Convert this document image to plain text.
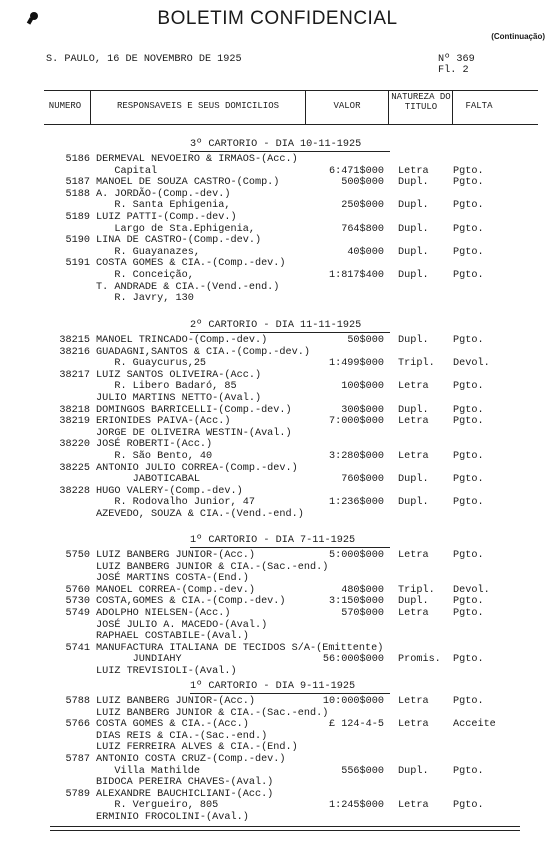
BOLETIM CONFIDENCIAL
(Continuação)
S. PAULO, 16 DE NOVEMBRO DE 1925	Nº 369
Fl. 2
NUMERO	RESPONSAVEIS E SEUS DOMICILIOS	VALOR
NATUREZA DO TITULO	FALTA
3º CARTORIO - DIA 10-11-1925
5186 DERMEVAL NEVOEIRO & IRMAOS-(Acc.)
Capital	6:471$000 Letra Pgto.
5187 MANOEL DE SOUZA CASTRO-(Comp.)	500$000 Dupl. Pgto.
5188 A. JORDÃO-(Comp.-dev.)
R. Santa Ephigenia,	250$000 Dupl. Pgto.
5189 LUIZ PATTI-(Comp.-dev.)
Largo de Sta.Ephigenia,	764$800 Dupl. Pgto.
5190 LINA DE CASTRO-(Comp.-dev.)
R. Guayanazes,	40$000 Dupl. Pgto.
5191 COSTA GOMES & CIA.-(Comp.-dev.)
R. Conceição,	1:817$400 Dupl. Pgto.
T. ANDRADE & CIA.-(Vend.-end.)
R. Javry, 130
2º CARTORIO - DIA 11-11-1925
38215 MANOEL TRINCADO-(Comp.-dev.)	50$000 Dupl. Pgto.
38216 GUADAGNI,SANTOS & CIA.-(Comp.-dev.)
R. Guaycurus,25	1:499$000 Tripl. Devol.
38217 LUIZ SANTOS OLIVEIRA-(Acc.)
R. Libero Badaró, 85	100$000 Letra Pgto.
JULIO MARTINS NETTO-(Aval.)
38218 DOMINGOS BARRICELLI-(Comp.-dev.)	300$000 Dupl. Pgto.
38219 ERIONIDES PAIVA-(Acc.)	7:000$000 Letra Pgto.
JORGE DE OLIVEIRA WESTIN-(Aval.)
38220 JOSÉ ROBERTI-(Acc.)
R. São Bento, 40	3:280$000 Letra Pgto.
38225 ANTONIO JULIO CORREA-(Comp.-dev.)
JABOTICABAL	760$000 Dupl. Pgto.
38228 HUGO VALERY-(Comp.-dev.)
R. Rodovalho Junior, 47	1:236$000 Dupl. Pgto.
AZEVEDO, SOUZA & CIA.-(Vend.-end.)
1º CARTORIO - DIA 7-11-1925
5750 LUIZ BANBERG JUNIOR-(Acc.)	5:000$000 Letra Pgto.
LUIZ BANBERG JUNIOR & CIA.-(Sac.-end.)
JOSÉ MARTINS COSTA-(End.)
5760 MANOEL CORREA-(Comp.-dev.)	480$000 Tripl. Devol.
5730 COSTA,GOMES & CIA.-(Comp.-dev.)	3:150$000 Dupl. Pgto.
5749 ADOLPHO NIELSEN-(Acc.)	570$000 Letra Pgto.
JOSÉ JULIO A. MACEDO-(Aval.)
RAPHAEL COSTABILE-(Aval.)
5741 MANUFACTURA ITALIANA DE TECIDOS S/A-(Emittente)
JUNDIAHY	56:000$000 Promis. Pgto.
LUIZ TREVISIOLI-(Aval.)
1º CARTORIO - DIA 9-11-1925
5788 LUIZ BANBERG JUNIOR-(Acc.)	10:000$000 Letra Pgto.
LUIZ BANBERG JUNIOR & CIA.-(Sac.-end.)
5766 COSTA GOMES & CIA.-(Acc.)	£ 124-4-5 Letra Acceite
DIAS REIS & CIA.-(Sac.-end.)
LUIZ FERREIRA ALVES & CIA.-(End.)
5787 ANTONIO COSTA CRUZ-(Comp.-dev.)
Villa Mathilde	556$000 Dupl. Pgto.
BIDOCA PEREIRA CHAVES-(Aval.)
5789 ALEXANDRE BAUCHICLIANI-(Acc.)
R. Vergueiro, 805	1:245$000 Letra Pgto.
ERMINIO FROCOLINI-(Aval.)
